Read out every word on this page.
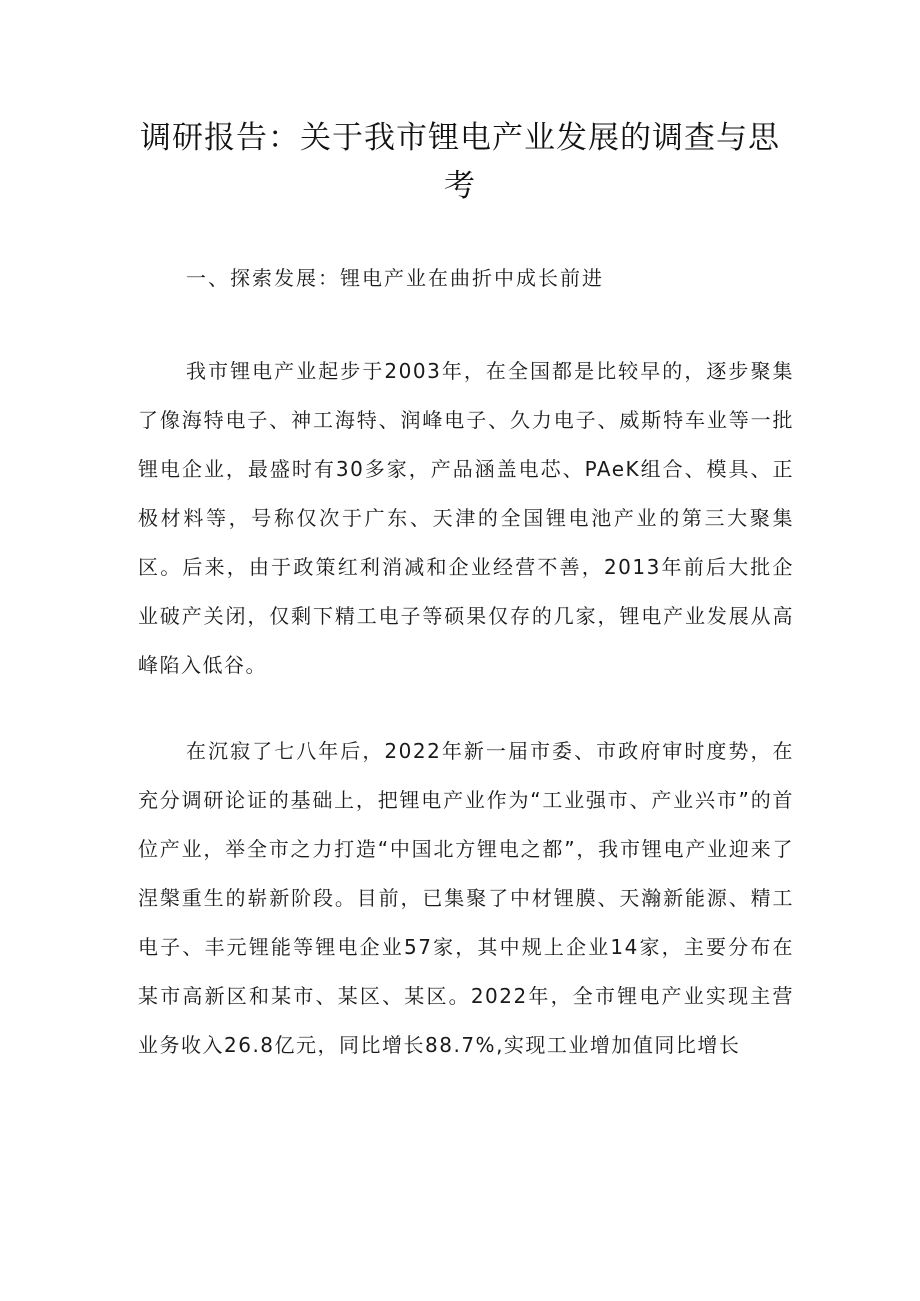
调研报告：关于我市锂电产业发展的调查与思考

一、探索发展：锂电产业在曲折中成长前进

我市锂电产业起步于2003年，在全国都是比较早的，逐步聚集了像海特电子、神工海特、润峰电子、久力电子、威斯特车业等一批锂电企业，最盛时有30多家，产品涵盖电芯、PAeK组合、模具、正极材料等，号称仅次于广东、天津的全国锂电池产业的第三大聚集区。后来，由于政策红利消减和企业经营不善，2013年前后大批企业破产关闭，仅剩下精工电子等硕果仅存的几家，锂电产业发展从高峰陷入低谷。

在沉寂了七八年后，2022年新一届市委、市政府审时度势，在充分调研论证的基础上，把锂电产业作为“工业强市、产业兴市”的首位产业，举全市之力打造“中国北方锂电之都”，我市锂电产业迎来了涅槃重生的崭新阶段。目前，已集聚了中材锂膜、天瀚新能源、精工电子、丰元锂能等锂电企业57家，其中规上企业14家，主要分布在某市高新区和某市、某区、某区。2022年，全市锂电产业实现主营业务收入26.8亿元，同比增长88.7%,实现工业增加值同比增长
